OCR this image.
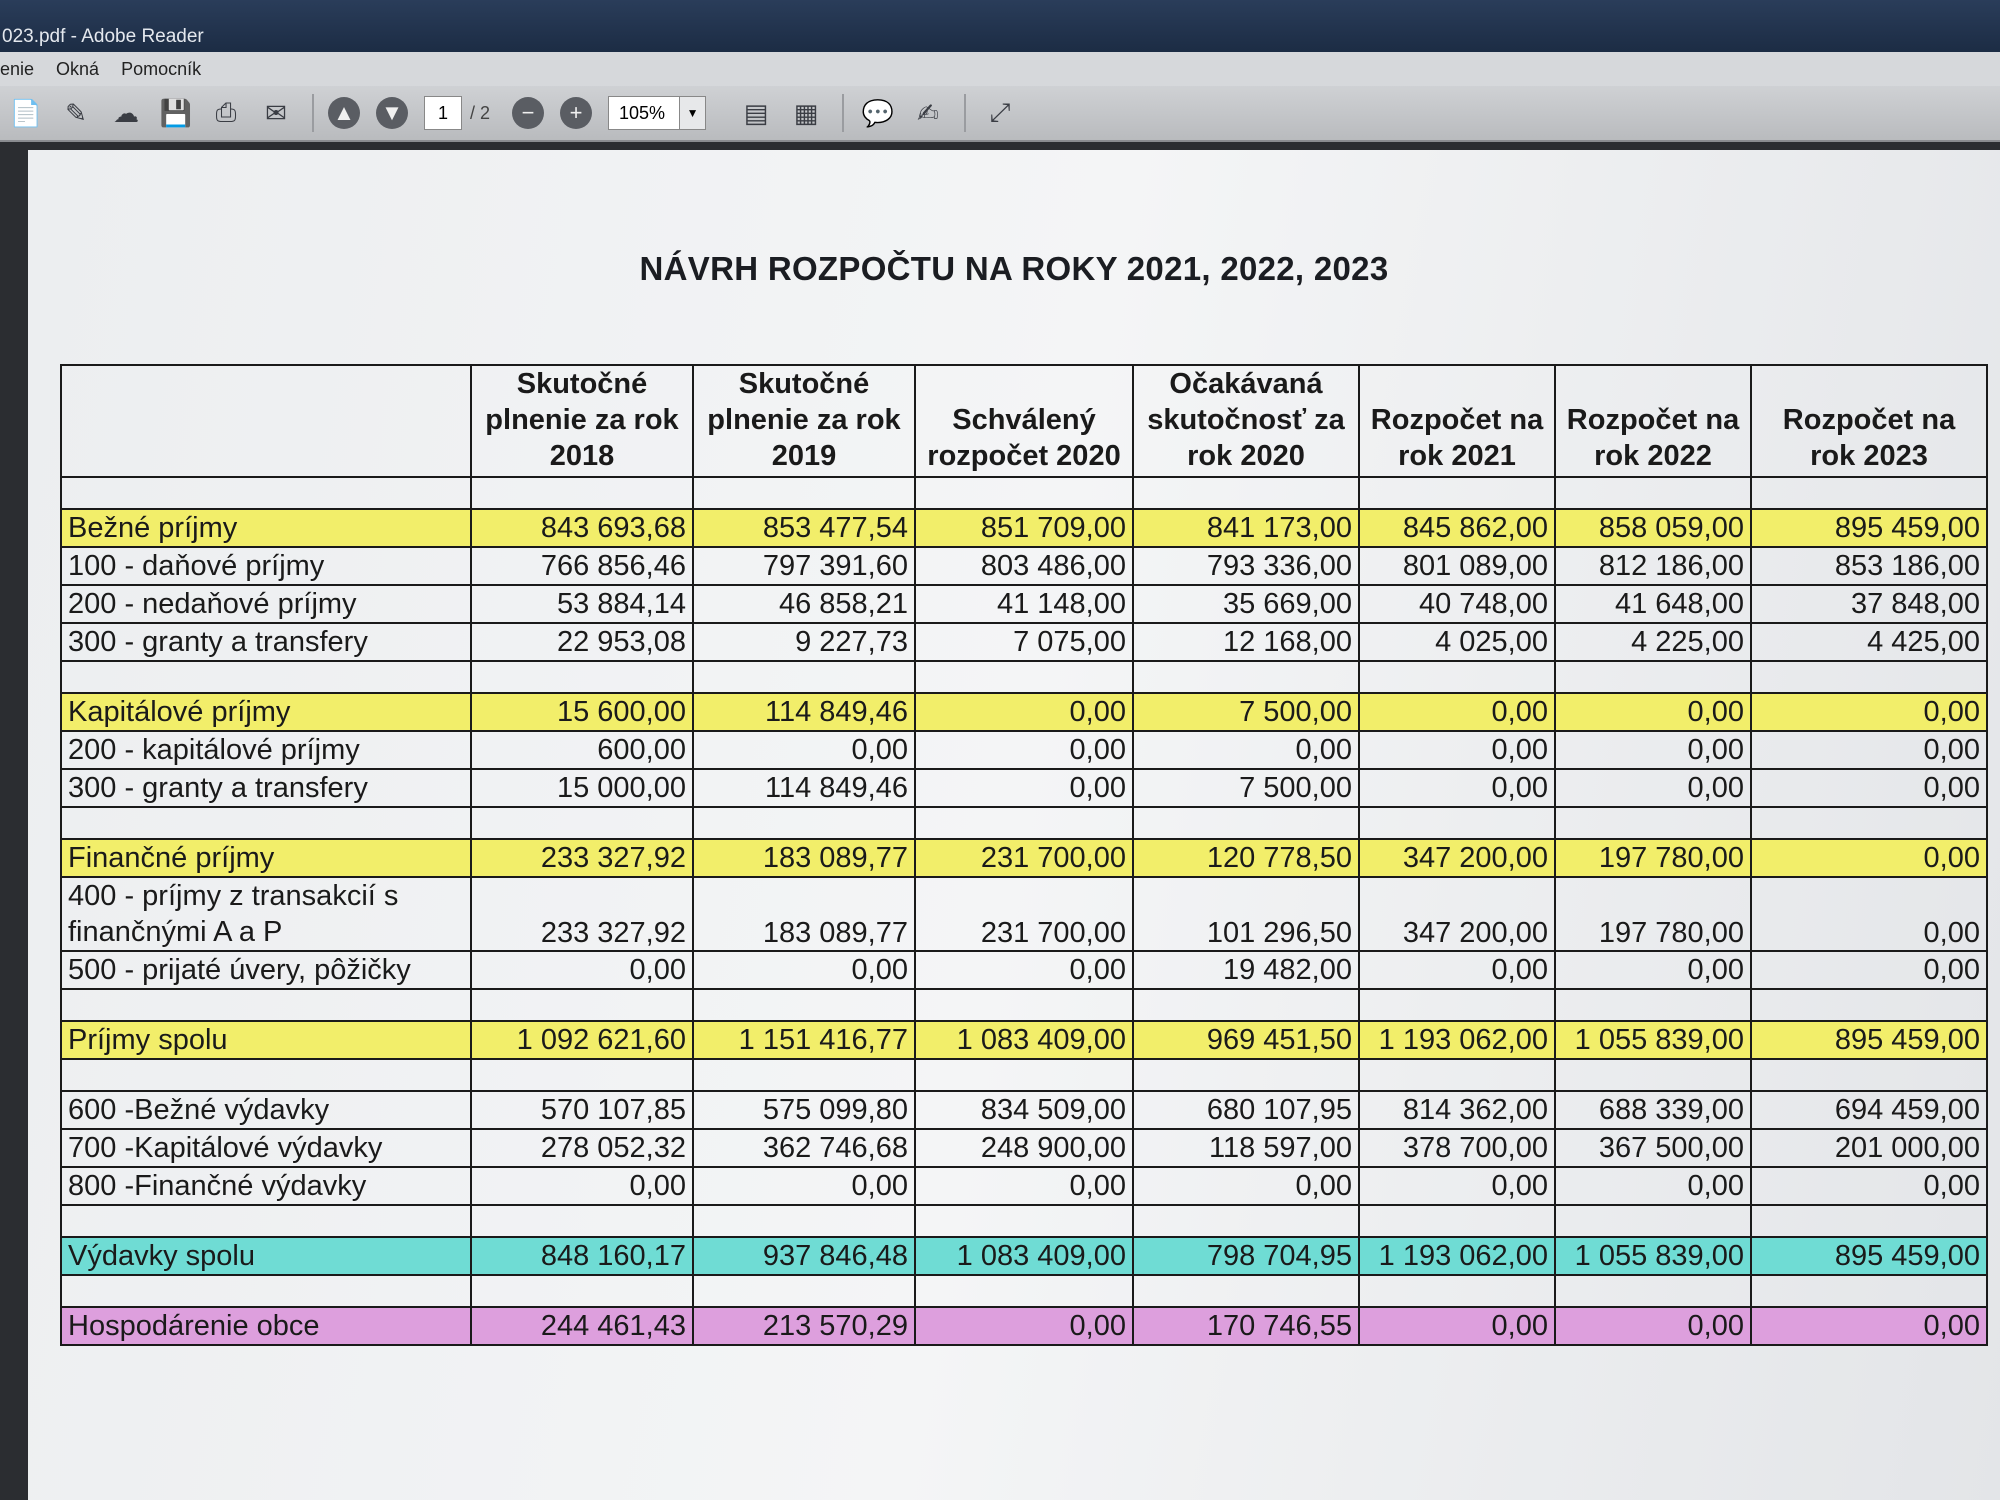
023.pdf - Adobe Reader
enie Okná Pomocník
📄 ✎	☁ 💾 ⎙	✉	▲ ▼	1	/ 2	−	+	105%	▼ ▤ ▦ 💬 ✍	⤢
NÁVRH ROZPOČTU NA ROKY 2021, 2022, 2023
	Skutočné plnenie za rok 2018	Skutočné plnenie za rok 2019	Schválený rozpočet 2020	Očakávaná skutočnosť za rok 2020	Rozpočet na rok 2021	Rozpočet na rok 2022	Rozpočet na rok 2023

Bežné príjmy	843 693,68	853 477,54	851 709,00	841 173,00	845 862,00	858 059,00	895 459,00
100 - daňové príjmy	766 856,46	797 391,60	803 486,00	793 336,00	801 089,00	812 186,00	853 186,00
200 - nedaňové príjmy	53 884,14	46 858,21	41 148,00	35 669,00	40 748,00	41 648,00	37 848,00
300 - granty a transfery	22 953,08	9 227,73	7 075,00	12 168,00	4 025,00	4 225,00	4 425,00

Kapitálové príjmy	15 600,00	114 849,46	0,00	7 500,00	0,00	0,00	0,00
200 - kapitálové príjmy	600,00	0,00	0,00	0,00	0,00	0,00	0,00
300 - granty a transfery	15 000,00	114 849,46	0,00	7 500,00	0,00	0,00	0,00

Finančné príjmy	233 327,92	183 089,77	231 700,00	120 778,50	347 200,00	197 780,00	0,00
400 - príjmy z transakcií s finančnými A a P	233 327,92	183 089,77	231 700,00	101 296,50	347 200,00	197 780,00	0,00
500 - prijaté úvery, pôžičky	0,00	0,00	0,00	19 482,00	0,00	0,00	0,00

Príjmy spolu	1 092 621,60	1 151 416,77	1 083 409,00	969 451,50	1 193 062,00	1 055 839,00	895 459,00

600 -Bežné výdavky	570 107,85	575 099,80	834 509,00	680 107,95	814 362,00	688 339,00	694 459,00
700 -Kapitálové výdavky	278 052,32	362 746,68	248 900,00	118 597,00	378 700,00	367 500,00	201 000,00
800 -Finančné výdavky	0,00	0,00	0,00	0,00	0,00	0,00	0,00

Výdavky spolu	848 160,17	937 846,48	1 083 409,00	798 704,95	1 193 062,00	1 055 839,00	895 459,00

Hospodárenie obce	244 461,43	213 570,29	0,00	170 746,55	0,00	0,00	0,00
